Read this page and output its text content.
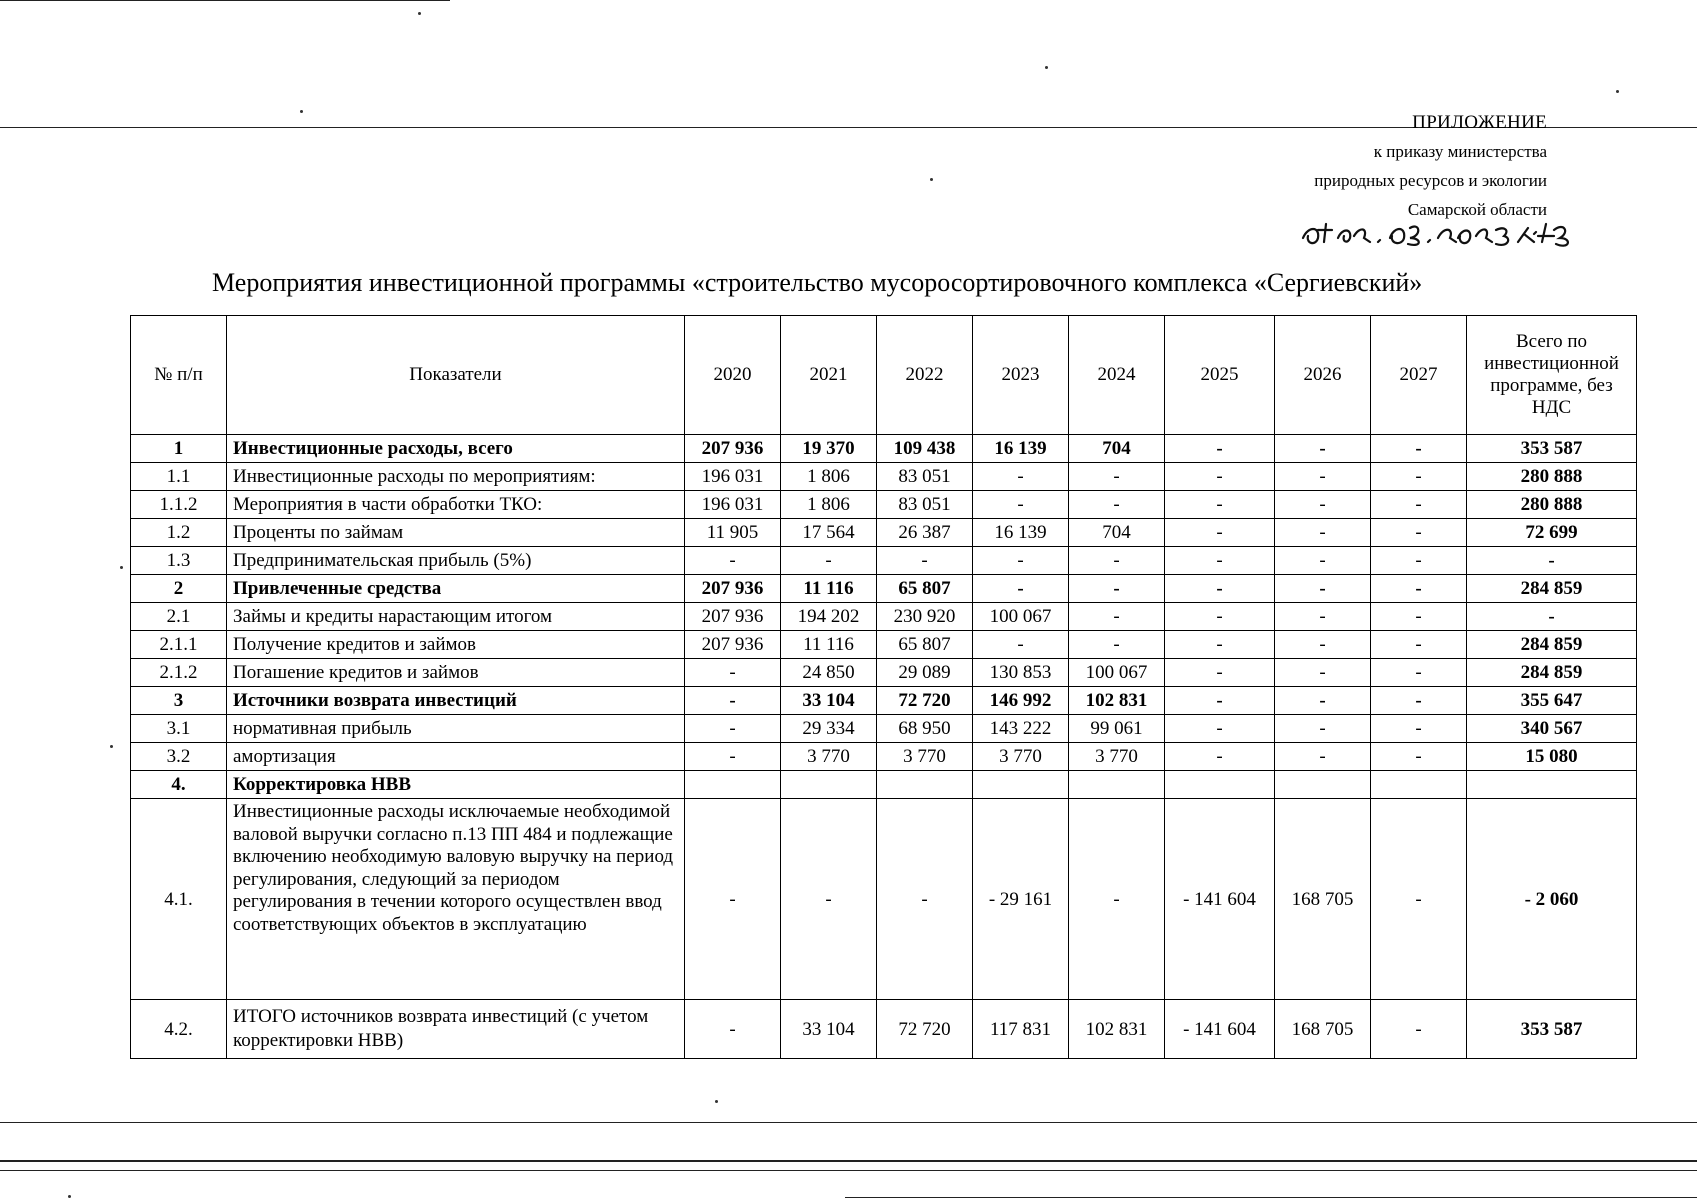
ПРИЛОЖЕНИЕ
к приказу министерства
природных ресурсов и экологии
Самарской области
Мероприятия инвестиционной программы «строительство мусоросортировочного комплекса «Сергиевский»
№ п/п	Показатели	2020	2021	2022	2023	2024	2025	2026	2027	Всего по инвестиционной программе, без НДС
1	Инвестиционные расходы, всего	207 936	19 370	109 438	16 139	704	-	-	-	353 587
1.1	Инвестиционные расходы по мероприятиям:	196 031	1 806	83 051	-	-	-	-	-	280 888
1.1.2	Мероприятия в части обработки ТКО:	196 031	1 806	83 051	-	-	-	-	-	280 888
1.2	Проценты по займам	11 905	17 564	26 387	16 139	704	-	-	-	72 699
1.3	Предпринимательская прибыль (5%)	-	-	-	-	-	-	-	-	-
2	Привлеченные средства	207 936	11 116	65 807	-	-	-	-	-	284 859
2.1	Займы и кредиты нарастающим итогом	207 936	194 202	230 920	100 067	-	-	-	-	-
2.1.1	Получение кредитов и займов	207 936	11 116	65 807	-	-	-	-	-	284 859
2.1.2	Погашение кредитов и займов	-	24 850	29 089	130 853	100 067	-	-	-	284 859
3	Источники возврата инвестиций	-	33 104	72 720	146 992	102 831	-	-	-	355 647
3.1	нормативная прибыль	-	29 334	68 950	143 222	99 061	-	-	-	340 567
3.2	амортизация	-	3 770	3 770	3 770	3 770	-	-	-	15 080
4.	Корректировка НВВ									
4.1.	Инвестиционные расходы исключаемые необходимой валовой выручки согласно п.13 ПП 484 и подлежащие включению необходимую валовую выручку на период регулирования, следующий за периодом регулирования в течении которого осуществлен ввод соответствующих объектов в эксплуатацию	-	-	-	- 29 161	-	- 141 604	168 705	-	- 2 060
4.2.	ИТОГО источников возврата инвестиций (с учетом корректировки НВВ)	-	33 104	72 720	117 831	102 831	- 141 604	168 705	-	353 587
